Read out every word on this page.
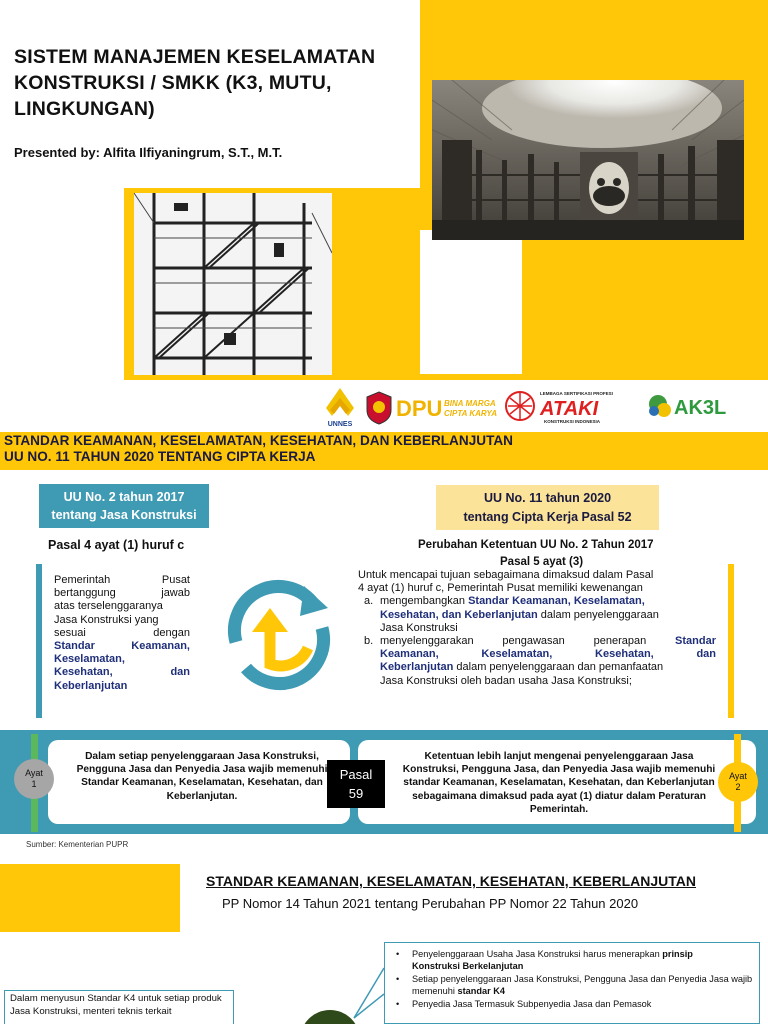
SISTEM MANAJEMEN KESELAMATAN KONSTRUKSI / SMKK (K3, MUTU, LINGKUNGAN)

Presented by: Alfita Ilfiyaningrum, S.T., M.T.

UNNES
DPU BINA MARGA
CIPTA KARYA
LEMBAGA SERTIFIKASI PROFESI
ATAKI
KONSTRUKSI INDONESIA
AK3L
STANDAR KEAMANAN, KESELAMATAN, KESEHATAN, DAN KEBERLANJUTAN
UU NO. 11 TAHUN 2020 TENTANG CIPTA KERJA
UU No. 2 tahun 2017
tentang Jasa Konstruksi
Pasal 4 ayat (1) huruf c
Pemerintah	Pusat
bertanggung	jawab
atas terselenggaranya
Jasa Konstruksi yang
sesuai	dengan
Standar	Keamanan,
Keselamatan,
Kesehatan,	dan
Keberlanjutan
UU No. 11 tahun 2020
tentang Cipta Kerja Pasal 52
Perubahan Ketentuan UU No. 2 Tahun 2017
Pasal 5 ayat (3)
Untuk mencapai tujuan sebagaimana dimaksud dalam Pasal
4 ayat (1) huruf c, Pemerintah Pusat memiliki kewenangan
a. mengembangkan Standar Keamanan, Keselamatan,
Kesehatan, dan Keberlanjutan dalam penyelenggaraan
Jasa Konstruksi
b. menyelenggarakan	pengawasan	penerapan	Standar
Keamanan,	Keselamatan,	Kesehatan,	dan
Keberlanjutan dalam penyelenggaraan dan pemanfaatan
Jasa Konstruksi oleh badan usaha Jasa Konstruksi;
Ayat
1
Dalam setiap penyelenggaraan Jasa Konstruksi, Pengguna Jasa dan Penyedia Jasa wajib memenuhi Standar Keamanan, Keselamatan, Kesehatan, dan Keberlanjutan.
Pasal
59
Ketentuan lebih lanjut mengenai penyelenggaraan Jasa Konstruksi, Pengguna Jasa, dan Penyedia Jasa wajib memenuhi standar Keamanan, Keselamatan, Kesehatan, dan Keberlanjutan sebagaimana dimaksud pada ayat (1) diatur dalam Peraturan Pemerintah.
Ayat
2
Sumber: Kementerian PUPR
STANDAR KEAMANAN, KESELAMATAN, KESEHATAN, KEBERLANJUTAN
PP Nomor 14 Tahun 2021 tentang Perubahan PP Nomor 22 Tahun 2020
• Penyelenggaraan Usaha Jasa Konstruksi harus menerapkan prinsip
Konstruksi Berkelanjutan
• Setiap penyelenggaraan Jasa Konstruksi, Pengguna Jasa dan Penyedia Jasa wajib memenuhi standar K4
• Penyedia Jasa Termasuk Subpenyedia Jasa dan Pemasok
Dalam menyusun Standar K4 untuk setiap produk Jasa Konstruksi, menteri teknis terkait
